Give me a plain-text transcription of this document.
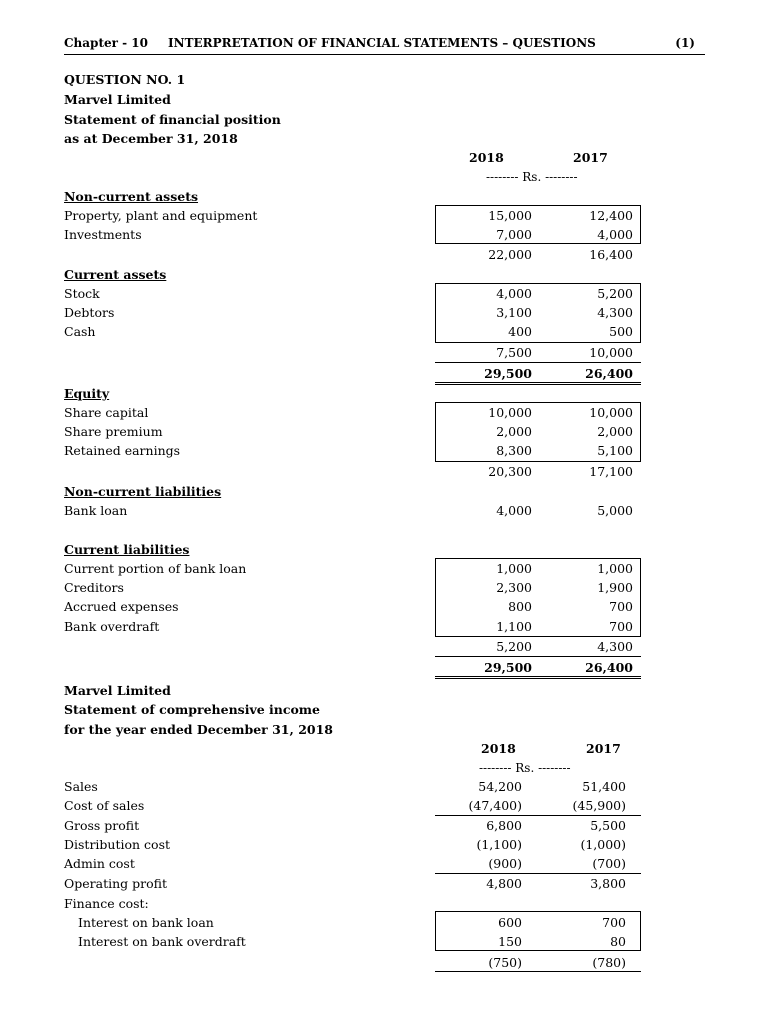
Chapter - 10 INTERPRETATION OF FINANCIAL STATEMENTS – QUESTIONS	(1)
QUESTION NO. 1
Marvel Limited
Statement of financial position
as at December 31, 2018
2018	2017
-------- Rs. --------
Non-current assets
Property, plant and equipment	15,000	12,400
Investments	7,000	4,000
22,000	16,400
Current assets
Stock	4,000	5,200
Debtors	3,100	4,300
Cash	400	500
7,500	10,000
29,500	26,400
Equity
Share capital	10,000	10,000
Share premium	2,000	2,000
Retained earnings	8,300	5,100
20,300	17,100
Non-current liabilities
Bank loan	4,000	5,000
Current liabilities
Current portion of bank loan	1,000	1,000
Creditors	2,300	1,900
Accrued expenses	800	700
Bank overdraft	1,100	700
5,200	4,300
29,500	26,400
Marvel Limited
Statement of comprehensive income
for the year ended December 31, 2018
2018	2017
-------- Rs. --------
Sales	54,200	51,400
Cost of sales	(47,400)	(45,900)
Gross profit	6,800	5,500
Distribution cost	(1,100)	(1,000)
Admin cost	(900)	(700)
Operating profit	4,800	3,800
Finance cost:
Interest on bank loan	600	700
Interest on bank overdraft	150	80
(750)	(780)
